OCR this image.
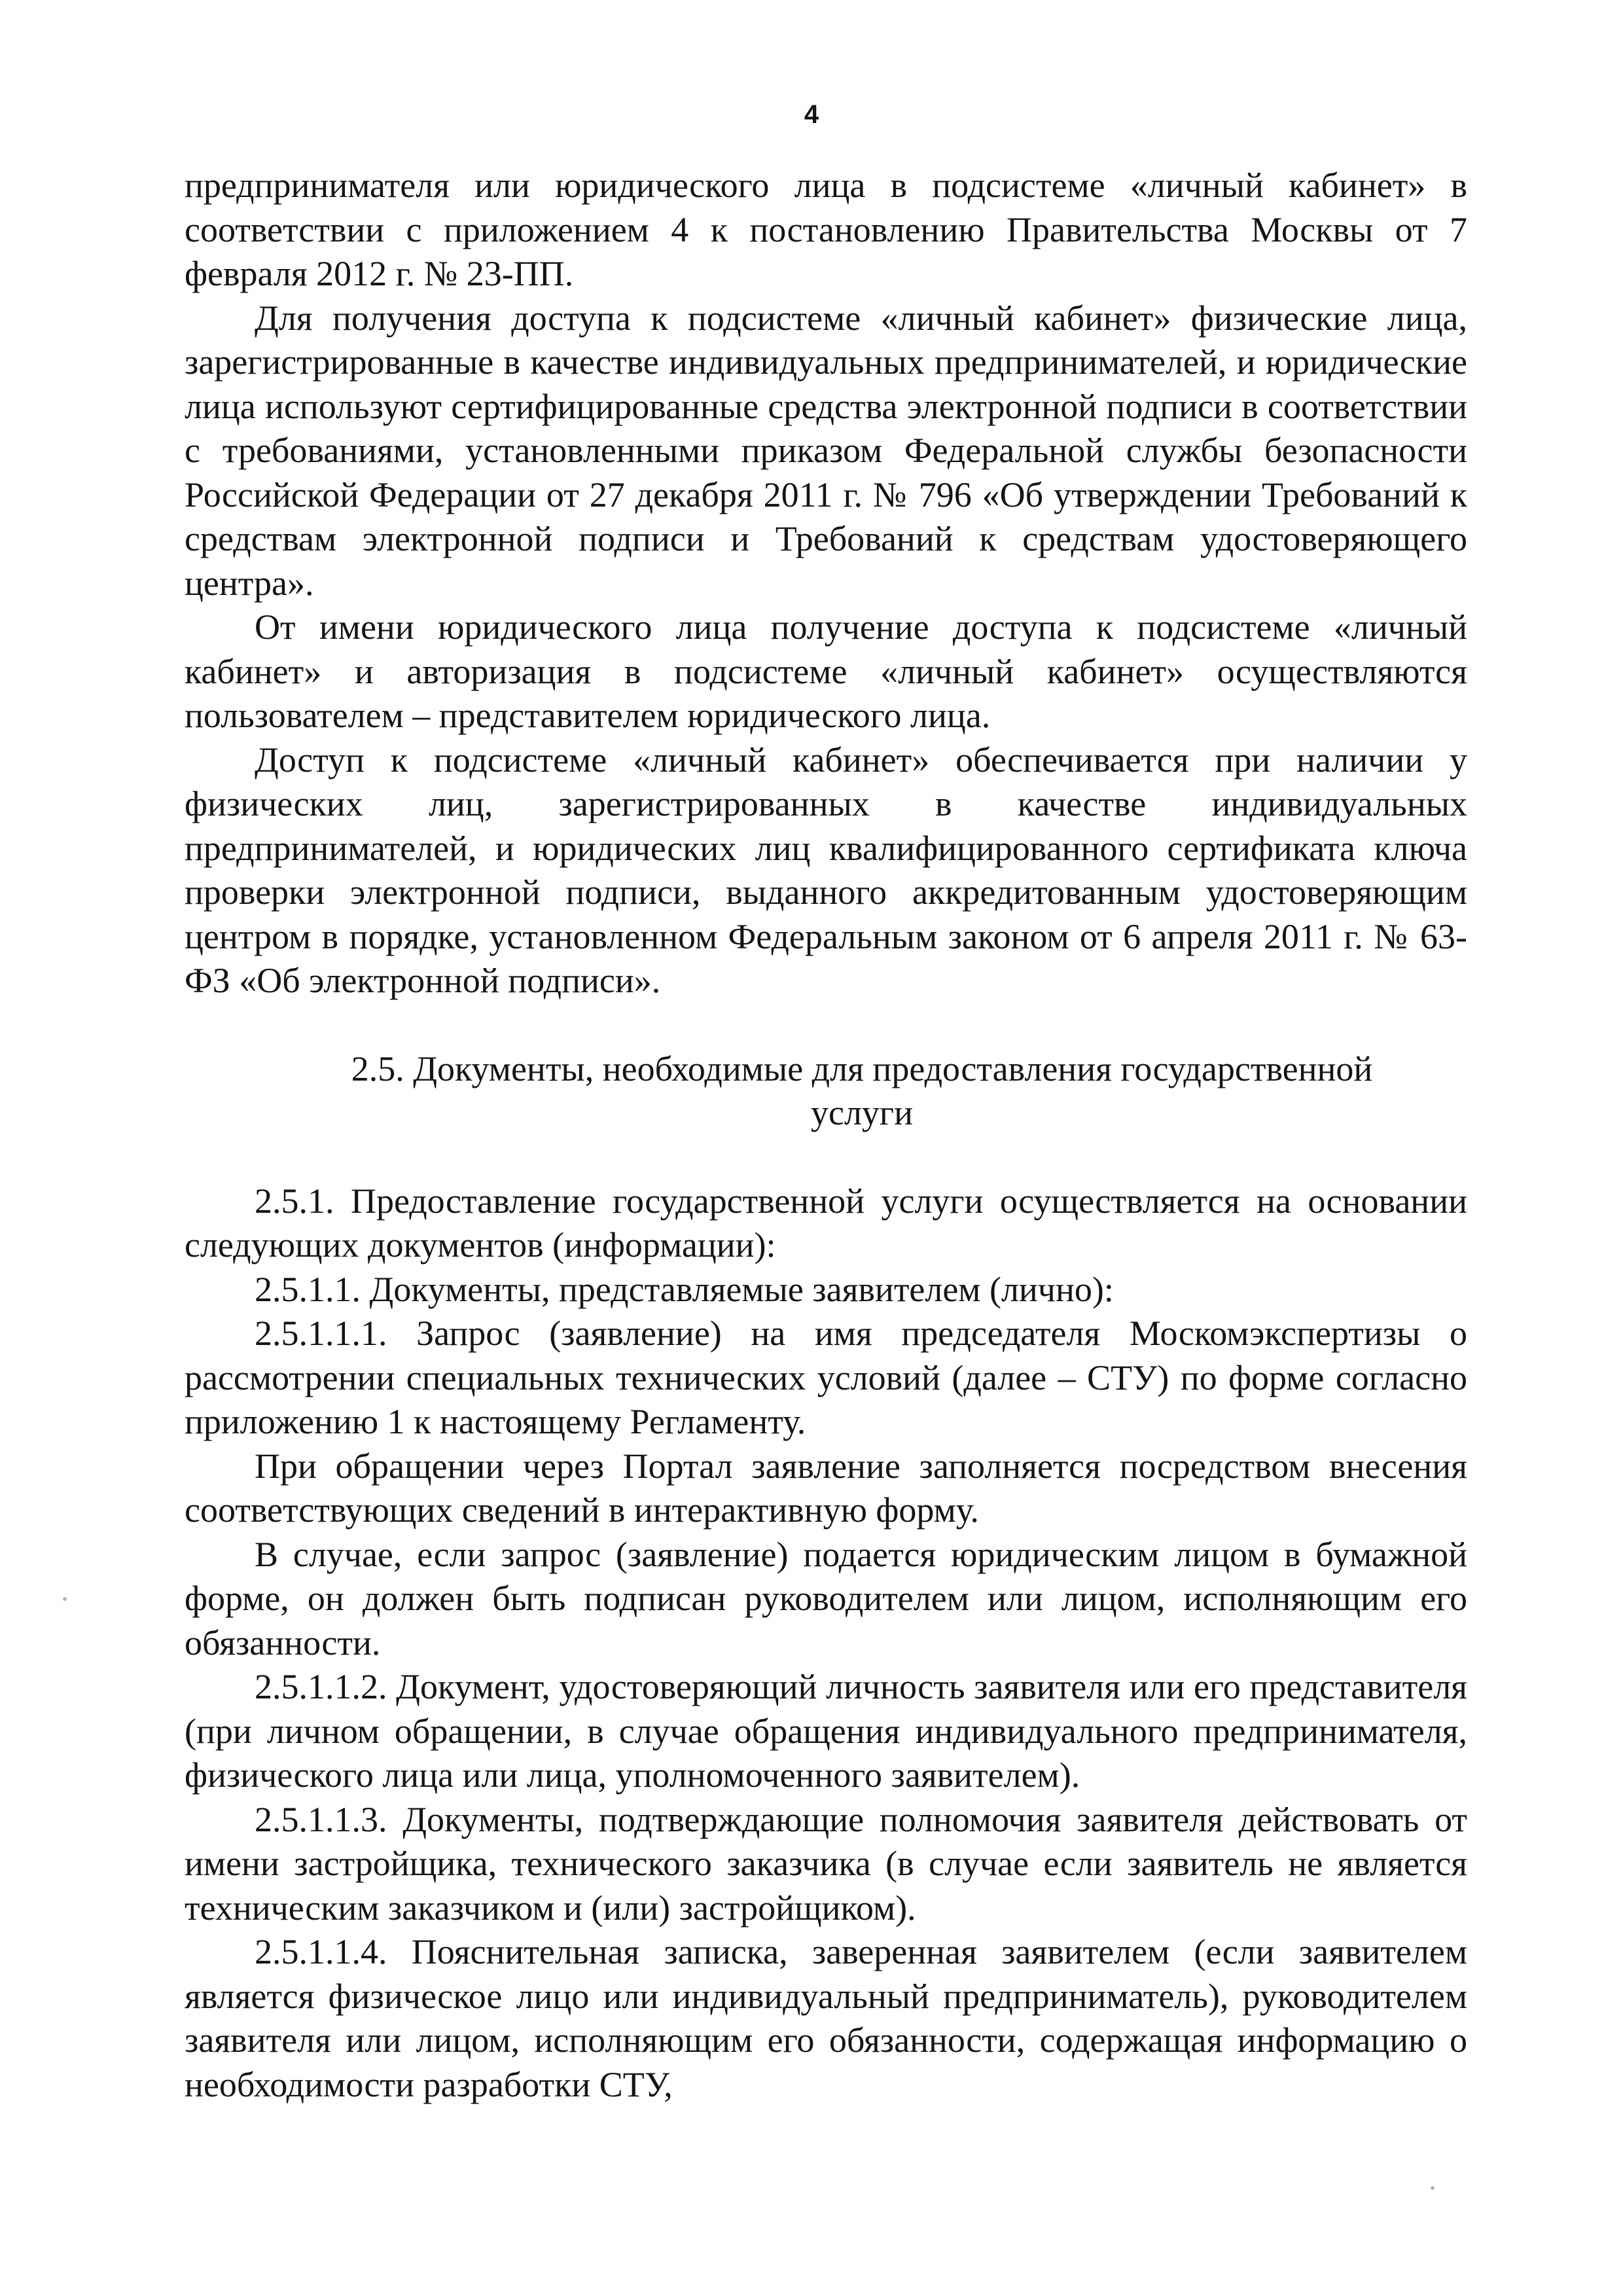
4

предпринимателя или юридического лица в подсистеме «личный кабинет» в соответствии с приложением 4 к постановлению Правительства Москвы от 7 февраля 2012 г. № 23-ПП.

Для получения доступа к подсистеме «личный кабинет» физические лица, зарегистрированные в качестве индивидуальных предпринимателей, и юридические лица используют сертифицированные средства электронной подписи в соответствии с требованиями, установленными приказом Федеральной службы безопасности Российской Федерации от 27 декабря 2011 г. № 796 «Об утверждении Требований к средствам электронной подписи и Требований к средствам удостоверяющего центра».

От имени юридического лица получение доступа к подсистеме «личный кабинет» и авторизация в подсистеме «личный кабинет» осуществляются пользователем – представителем юридического лица.

Доступ к подсистеме «личный кабинет» обеспечивается при наличии у физических лиц, зарегистрированных в качестве индивидуальных предпринимателей, и юридических лиц квалифицированного сертификата ключа проверки электронной подписи, выданного аккредитованным удостоверяющим центром в порядке, установленном Федеральным законом от 6 апреля 2011 г. № 63-ФЗ «Об электронной подписи».

2.5. Документы, необходимые для предоставления государственной
услуги

2.5.1. Предоставление государственной услуги осуществляется на основании следующих документов (информации):

2.5.1.1. Документы, представляемые заявителем (лично):

2.5.1.1.1. Запрос (заявление) на имя председателя Москомэкспертизы о рассмотрении специальных технических условий (далее – СТУ) по форме согласно приложению 1 к настоящему Регламенту.

При обращении через Портал заявление заполняется посредством внесения соответствующих сведений в интерактивную форму.

В случае, если запрос (заявление) подается юридическим лицом в бумажной форме, он должен быть подписан руководителем или лицом, исполняющим его обязанности.

2.5.1.1.2. Документ, удостоверяющий личность заявителя или его представителя (при личном обращении, в случае обращения индивидуального предпринимателя, физического лица или лица, уполномоченного заявителем).

2.5.1.1.3. Документы, подтверждающие полномочия заявителя действовать от имени застройщика, технического заказчика (в случае если заявитель не является техническим заказчиком и (или) застройщиком).

2.5.1.1.4. Пояснительная записка, заверенная заявителем (если заявителем является физическое лицо или индивидуальный предприниматель), руководителем заявителя или лицом, исполняющим его обязанности, содержащая информацию о необходимости разработки СТУ,
